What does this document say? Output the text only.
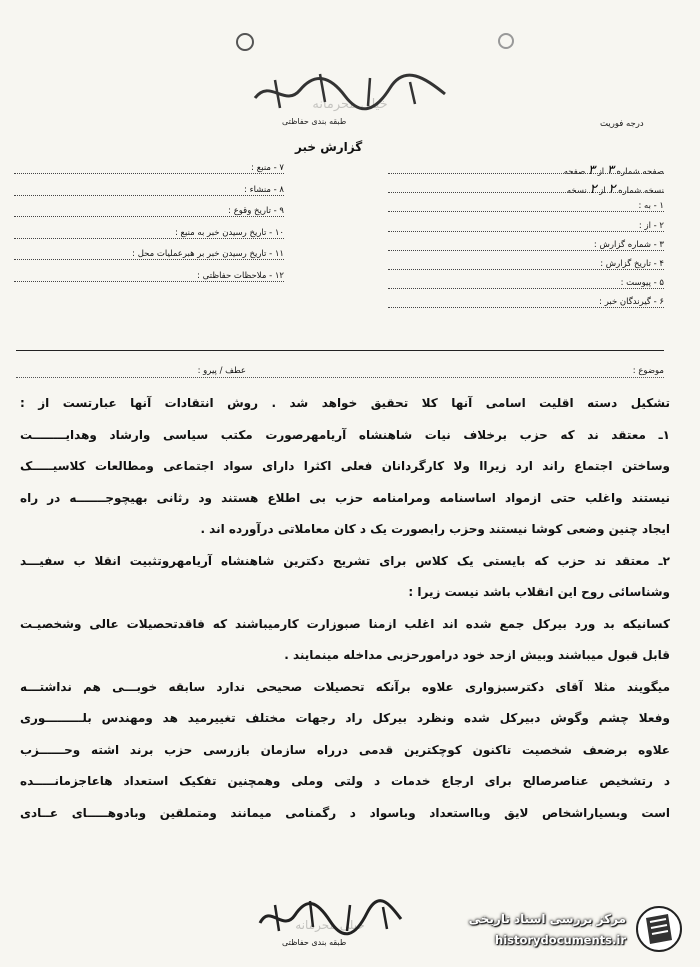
خیلی محرمانه
طبقه بندی حفاظتی	درجه فوریت
گزارش خبر
صفحه شماره ۳ از ۳ صفحه
نسخه شماره ۲ از ۲ نسخه
۱ - به :
۲ - از :
۳ - شماره گزارش :
۴ - تاریخ گزارش :
۵ - پیوست :
۶ - گیرندگان خبر :
۷ - منبع :
۸ - منشاء :
۹ - تاریخ وقوع :
۱۰ - تاریخ رسیدن خبر به منبع :
۱۱ - تاریخ رسیدن خبر بر هبرعملیات محل :
۱۲ - ملاحظات حفاظتی :
موضوع :
عطف / پیرو :

تشکیل دسته اقلیت اسامی آنها کلا تحقیق خواهد شد . روش انتقادات آنها عبارتست از :

۱ـ معتقد ند که حزب برخلاف نیات شاهنشاه آریامهرصورت مکتب سیاسی وارشاد وهدایــــــــت

وساختن اجتماع راند ارد زیراا ولا کارگردانان فعلی اکثرا دارای سواد اجتماعی ومطالعات کلاسیـــــک

نیستند واغلب حتی ازمواد اساسنامه ومرامنامه حزب بی اطلاع هستند ود رثانی بهیچوجـــــــه در راه

ایجاد چنین وضعی کوشا نیستند وحزب رابصورت یک د کان معاملاتی درآورده اند .

۲ـ معتقد ند حزب که بایستی یک کلاس برای تشریح دکترین شاهنشاه آریامهروتثبیت انقلا ب سفیـــد

وشناسائی روح این انقلاب باشد نیست زیرا :

کسانیکه بد ورد بیرکل جمع شده اند اغلب ازمنا صبوزارت کارمیباشند که فاقدتحصیلات عالی وشخصیـت

قابل قبول میباشند وبیش ازحد خود درامورحزبی مداخله مینمایند .

میگویند مثلا آقای دکترسبزواری علاوه برآنکه تحصیلات صحیحی ندارد سابقه خوبـــی هم نداشتـــه

وفعلا چشم وگوش دبیرکل شده ونظرد بیرکل راد رجهات مختلف تغییرمید هد ومهندس بلـــــــــوری

علاوه برضعف شخصیت تاکنون کوچکترین قدمی درراه سازمان بازرسی حزب برند اشته وحــــــزب

د رتشخیص عناصرصالح برای ارجاع خدمات د ولتی وملی وهمچنین تفکیک استعداد هاعاجزمانـــــده

است وبسیاراشخاص لایق وبااستعداد وباسواد د رگمنامی میمانند ومتملقین وبادوهـــــای عــادی

خیلی محرمانه
طبقه بندی حفاظتی
مرکز بررسی اسناد تاریخی
historydocuments.ir
